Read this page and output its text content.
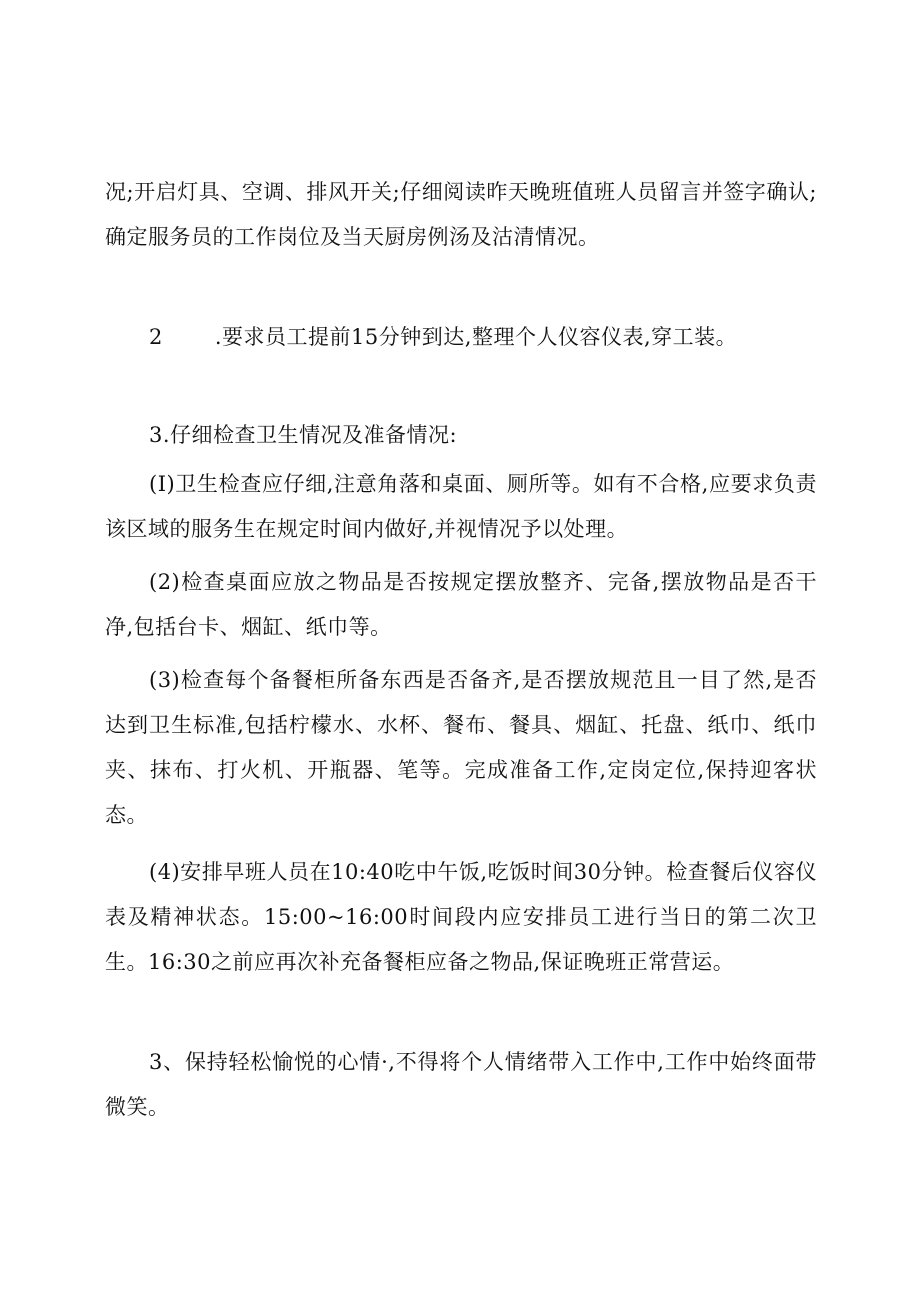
况;开启灯具、空调、排风开关;仔细阅读昨天晚班值班人员留言并签字确认;确定服务员的工作岗位及当天厨房例汤及沽清情况。

2 .要求员工提前15分钟到达,整理个人仪容仪表,穿工装。

3.仔细检查卫生情况及准备情况:

(I)卫生检查应仔细,注意角落和桌面、厕所等。如有不合格,应要求负责该区域的服务生在规定时间内做好,并视情况予以处理。

(2)检查桌面应放之物品是否按规定摆放整齐、完备,摆放物品是否干净,包括台卡、烟缸、纸巾等。

(3)检查每个备餐柜所备东西是否备齐,是否摆放规范且一目了然,是否达到卫生标准,包括柠檬水、水杯、餐布、餐具、烟缸、托盘、纸巾、纸巾夹、抹布、打火机、开瓶器、笔等。完成准备工作,定岗定位,保持迎客状态。

(4)安排早班人员在10:40吃中午饭,吃饭时间30分钟。检查餐后仪容仪表及精神状态。15:00~16:00时间段内应安排员工进行当日的第二次卫生。16:30之前应再次补充备餐柜应备之物品,保证晚班正常营运。

3、保持轻松愉悦的心情·,不得将个人情绪带入工作中,工作中始终面带微笑。
